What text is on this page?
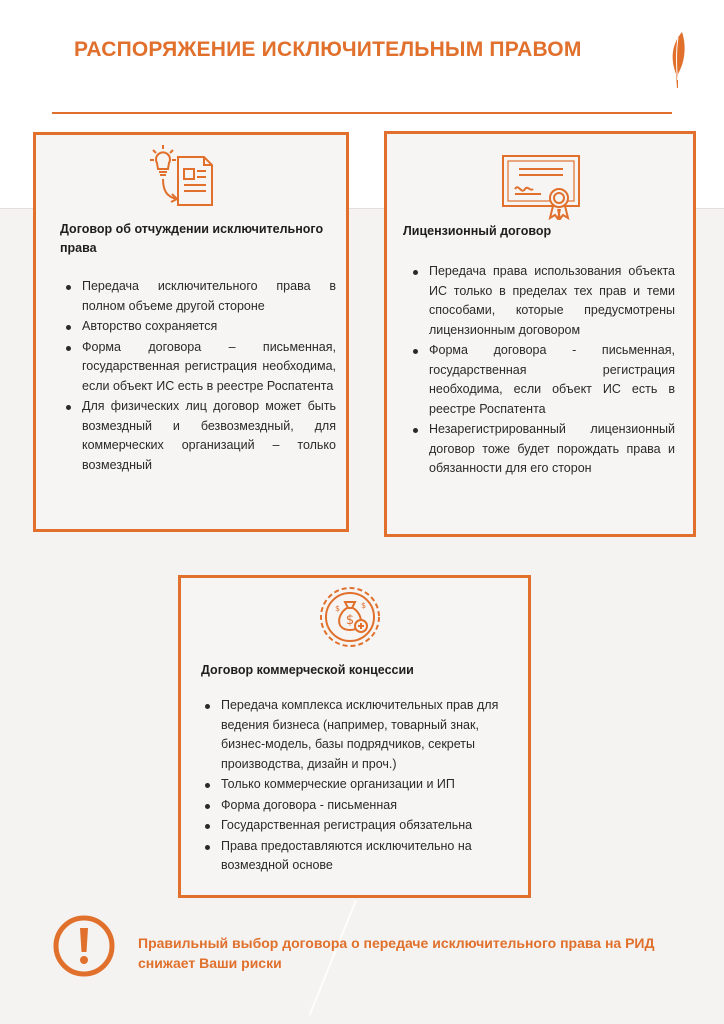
РАСПОРЯЖЕНИЕ ИСКЛЮЧИТЕЛЬНЫМ ПРАВОМ
Договор об отчуждении исключительного права
Передача исключительного права в полном объеме другой стороне
Авторство сохраняется
Форма договора – письменная, государственная регистрация необходима, если объект ИС есть в реестре Роспатента
Для физических лиц договор может быть возмездный и безвозмездный, для коммерческих организаций – только возмездный
Лицензионный договор
Передача права использования объекта ИС только в пределах тех прав и теми способами, которые предусмотрены лицензионным договором
Форма договора - письменная, государственная регистрация необходима, если объект ИС есть в реестре Роспатента
Незарегистрированный лицензионный договор тоже будет порождать права и обязанности для его сторон
$
$	$
Договор коммерческой концессии
Передача комплекса исключительных прав для ведения бизнеса (например, товарный знак, бизнес-модель, базы подрядчиков, секреты производства, дизайн и проч.)
Только коммерческие организации и ИП
Форма договора - письменная
Государственная регистрация обязательна
Права предоставляются исключительно на возмездной основе
Правильный выбор договора о передаче исключительного права на РИД снижает Ваши риски
